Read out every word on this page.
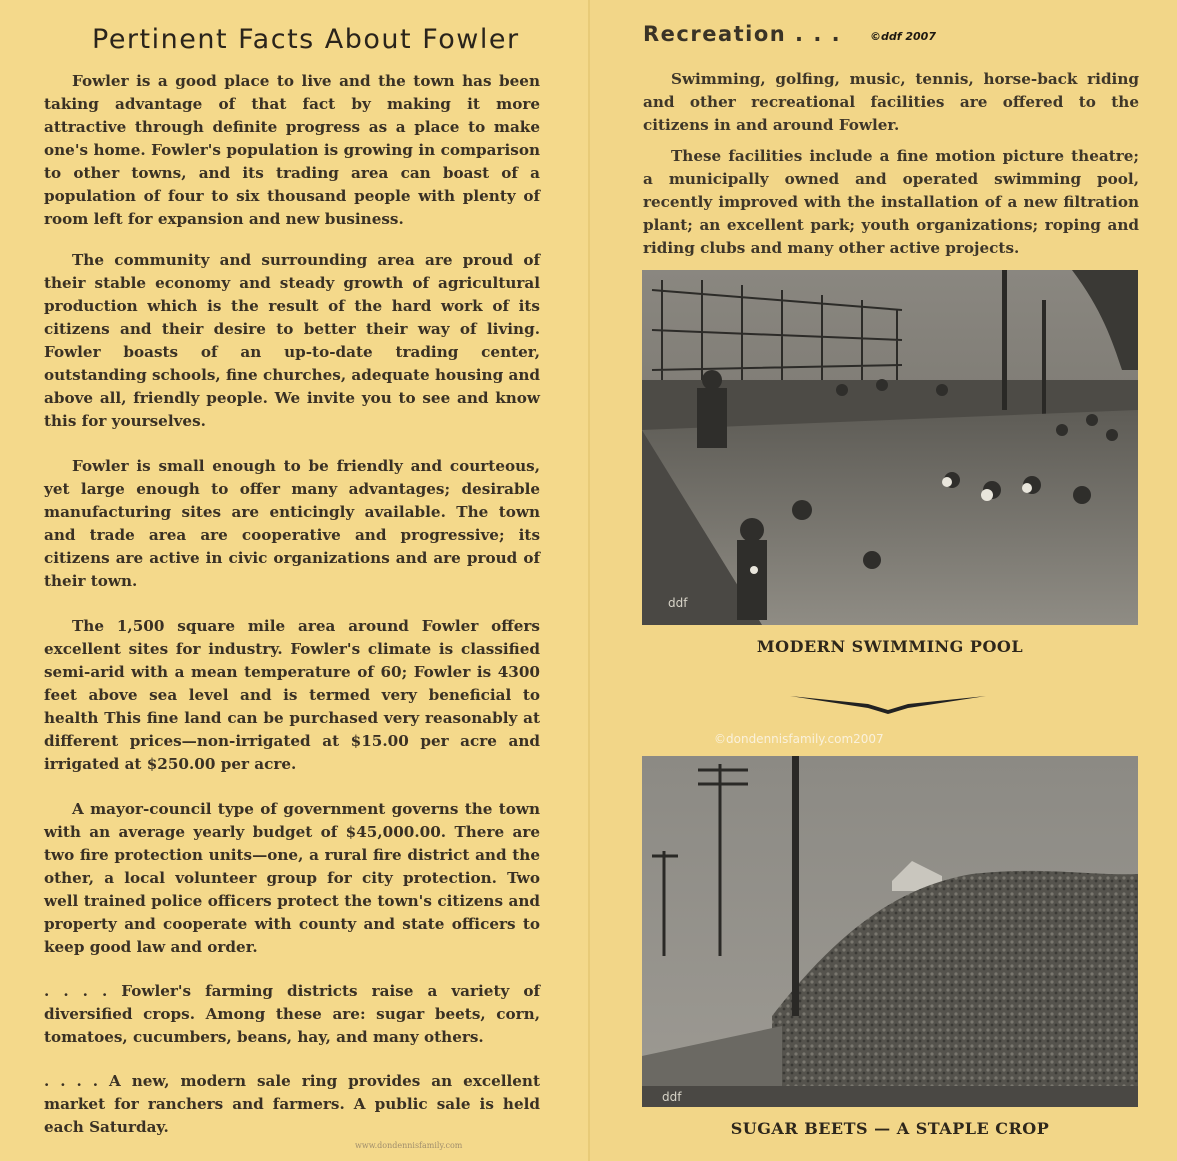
Pertinent Facts About Fowler

Fowler is a good place to live and the town has been taking advantage of that fact by making it more attractive through definite progress as a place to make one's home. Fowler's population is growing in comparison to other towns, and its trading area can boast of a population of four to six thousand people with plenty of room left for expansion and new business.

The community and surrounding area are proud of their stable economy and steady growth of agricultural production which is the result of the hard work of its citizens and their desire to better their way of living. Fowler boasts of an up-to-date trading center, outstanding schools, fine churches, adequate housing and above all, friendly people. We invite you to see and know this for yourselves.

Fowler is small enough to be friendly and courteous, yet large enough to offer many advantages; desirable manufacturing sites are enticingly available. The town and trade area are cooperative and progressive; its citizens are active in civic organizations and are proud of their town.

The 1,500 square mile area around Fowler offers excellent sites for industry. Fowler's climate is classified semi-arid with a mean temperature of 60; Fowler is 4300 feet above sea level and is termed very beneficial to health This fine land can be purchased very reasonably at different prices—non-irrigated at $15.00 per acre and irrigated at $250.00 per acre.

A mayor-council type of government governs the town with an average yearly budget of $45,000.00. There are two fire protection units—one, a rural fire district and the other, a local volunteer group for city protection. Two well trained police officers protect the town's citizens and property and cooperate with county and state officers to keep good law and order.

. . . . Fowler's farming districts raise a variety of diversified crops. Among these are: sugar beets, corn, tomatoes, cucumbers, beans, hay, and many others.

. . . . A new, modern sale ring provides an excellent market for ranchers and farmers. A public sale is held each Saturday.

www.dondennisfamily.com
Recreation . . .	©ddf 2007

Swimming, golfing, music, tennis, horse-back riding and other recreational facilities are offered to the citizens in and around Fowler.

These facilities include a fine motion picture theatre; a municipally owned and operated swimming pool, recently improved with the installation of a new filtration plant; an excellent park; youth organizations; roping and riding clubs and many other active projects.

ddf

MODERN SWIMMING POOL

©dondennisfamily.com2007
ddf

SUGAR BEETS — A STAPLE CROP
